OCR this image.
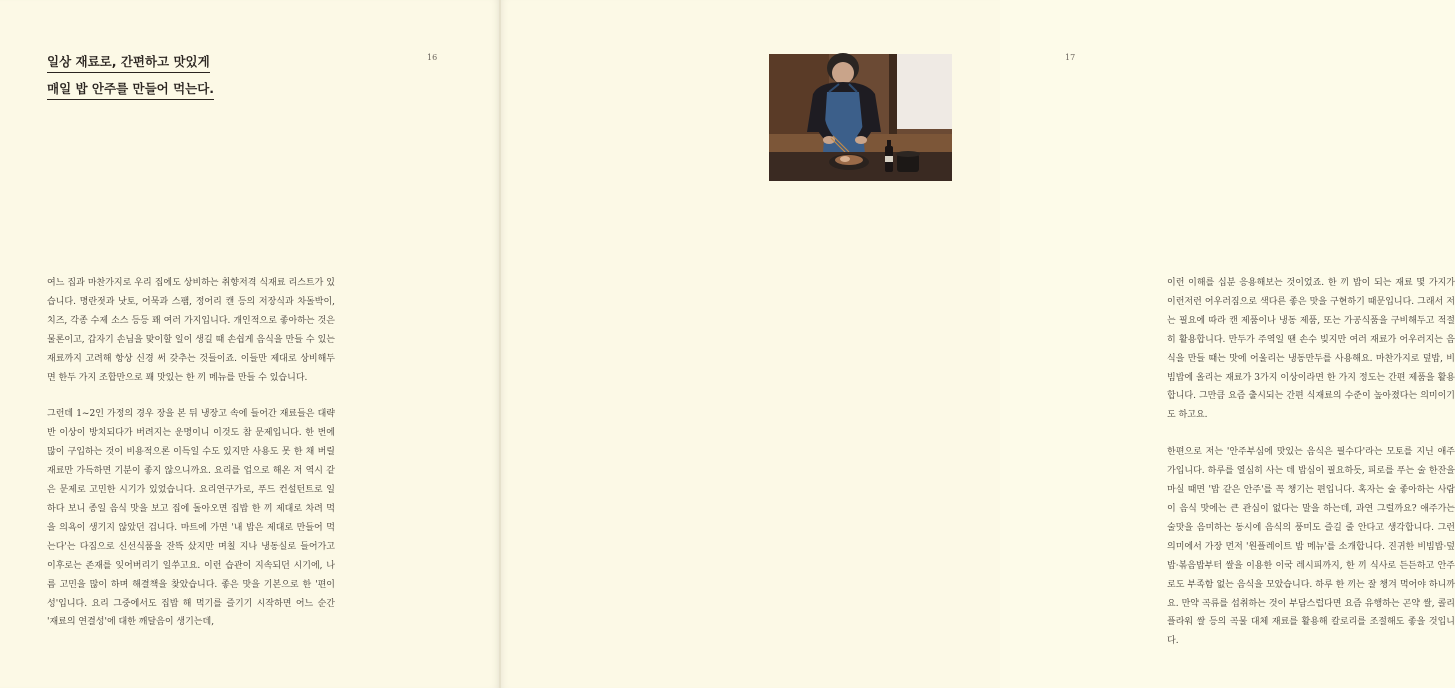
일상 재료로, 간편하고 맛있게
매일 밥 안주를 만들어 먹는다.
16

여느 집과 마찬가지로 우리 집에도 상비하는 취향저격 식재료 리스트가 있습니다. 명란젓과 낫토, 어묵과 스팸, 정어리 캔 등의 저장식과 차돌박이, 치즈, 각종 수제 소스 등등 꽤 여러 가지입니다. 개인적으로 좋아하는 것은 물론이고, 갑자기 손님을 맞이할 일이 생길 때 손쉽게 음식을 만들 수 있는 재료까지 고려해 항상 신경 써 갖추는 것들이죠. 이들만 제대로 상비해두면 한두 가지 조합만으로 꽤 맛있는 한 끼 메뉴를 만들 수 있습니다.

그런데 1~2인 가정의 경우 장을 본 뒤 냉장고 속에 들어간 재료들은 대략 반 이상이 방치되다가 버려지는 운명이니 이것도 참 문제입니다. 한 번에 많이 구입하는 것이 비용적으론 이득일 수도 있지만 사용도 못 한 채 버릴 재료만 가득하면 기분이 좋지 않으니까요. 요리를 업으로 해온 저 역시 같은 문제로 고민한 시기가 있었습니다. 요리연구가로, 푸드 컨설턴트로 일하다 보니 종일 음식 맛을 보고 집에 돌아오면 집밥 한 끼 제대로 차려 먹을 의욕이 생기지 않았던 겁니다. 마트에 가면 '내 밥은 제대로 만들어 먹는다'는 다짐으로 신선식품을 잔뜩 샀지만 며칠 지나 냉동실로 들어가고 이후로는 존재를 잊어버리기 일쑤고요. 이런 습관이 지속되던 시기에, 나름 고민을 많이 하며 해결책을 찾았습니다. 좋은 맛을 기본으로 한 '편이성'입니다. 요리 그중에서도 집밥 해 먹기를 즐기기 시작하면 어느 순간 '재료의 연결성'에 대한 깨달음이 생기는데,

17

이런 이해를 십분 응용해보는 것이었죠. 한 끼 밥이 되는 재료 몇 가지가 이런저런 어우러짐으로 색다른 좋은 맛을 구현하기 때문입니다. 그래서 저는 필요에 따라 캔 제품이나 냉동 제품, 또는 가공식품을 구비해두고 적절히 활용합니다. 만두가 주역일 땐 손수 빚지만 여러 재료가 어우러지는 음식을 만들 때는 맛에 어울리는 냉동만두를 사용해요. 마찬가지로 덮밥, 비빔밥에 올리는 재료가 3가지 이상이라면 한 가지 정도는 간편 제품을 활용합니다. 그만큼 요즘 출시되는 간편 식재료의 수준이 높아졌다는 의미이기도 하고요.

한편으로 저는 '안주부심에 맛있는 음식은 필수다'라는 모토를 지닌 애주가입니다. 하루를 열심히 사는 데 밥심이 필요하듯, 피로를 푸는 술 한잔을 마실 때면 '밥 같은 안주'를 꼭 챙기는 편입니다. 혹자는 술 좋아하는 사람이 음식 맛에는 큰 관심이 없다는 말을 하는데, 과연 그럴까요? 애주가는 술맛을 음미하는 동시에 음식의 풍미도 즐길 줄 안다고 생각합니다. 그런 의미에서 가장 먼저 '원플레이트 밥 메뉴'를 소개합니다. 진귀한 비빔밥·덮밥·볶음밥부터 쌀을 이용한 이국 레시피까지, 한 끼 식사로 든든하고 안주로도 부족함 없는 음식을 모았습니다. 하루 한 끼는 잘 챙겨 먹어야 하니까요. 만약 곡류를 섭취하는 것이 부담스럽다면 요즘 유행하는 곤약 쌀, 콜리플라워 쌀 등의 곡물 대체 재료를 활용해 칼로리를 조절해도 좋을 것입니다.
